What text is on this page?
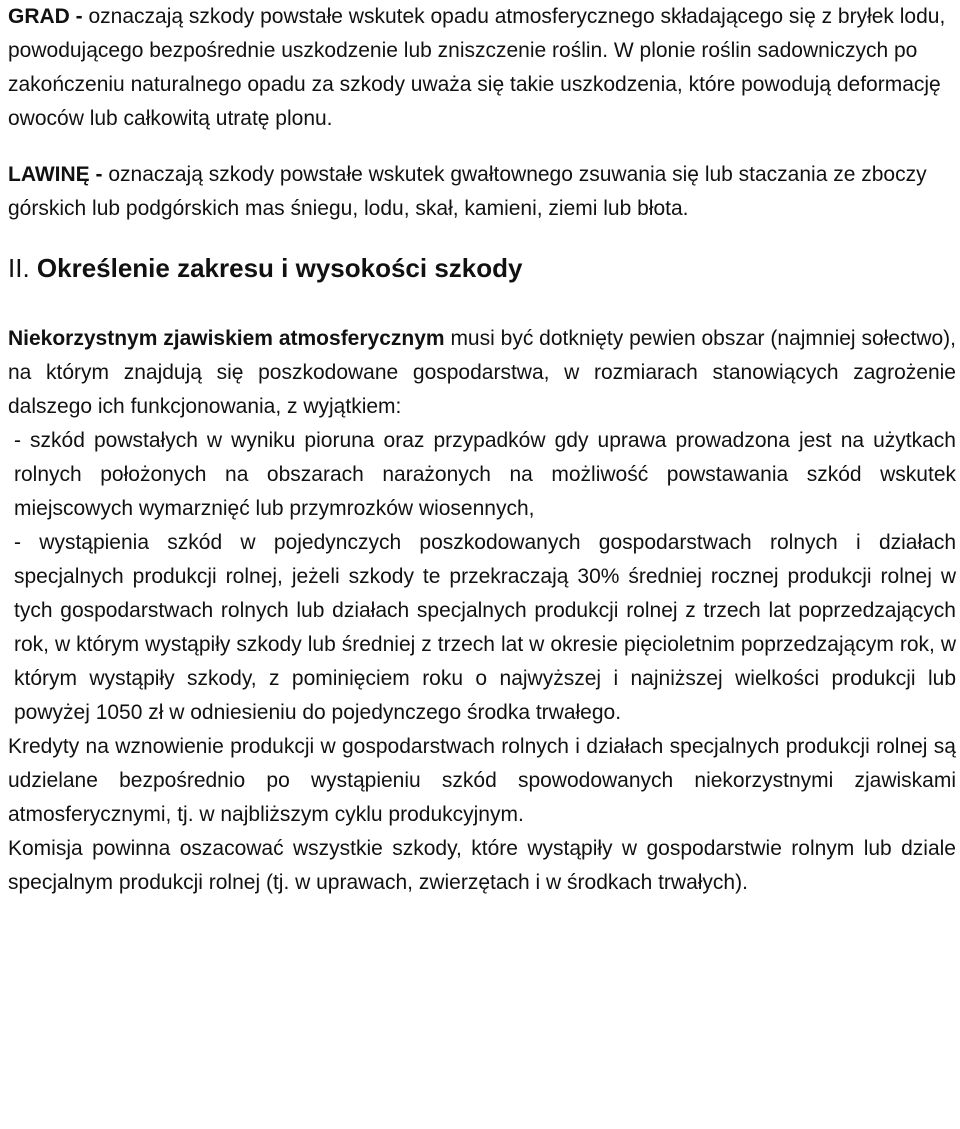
GRAD - oznaczają szkody powstałe wskutek opadu atmosferycznego składającego się z bryłek lodu, powodującego bezpośrednie uszkodzenie lub zniszczenie roślin. W plonie roślin sadowniczych po zakończeniu naturalnego opadu za szkody uważa się takie uszkodzenia, które powodują deformację owoców lub całkowitą utratę plonu.

LAWINĘ - oznaczają szkody powstałe wskutek gwałtownego zsuwania się lub staczania ze zboczy górskich lub podgórskich mas śniegu, lodu, skał, kamieni, ziemi lub błota.

II. Określenie zakresu i wysokości szkody

Niekorzystnym zjawiskiem atmosferycznym musi być dotknięty pewien obszar (najmniej sołectwo), na którym znajdują się poszkodowane gospodarstwa, w rozmiarach stanowiących zagrożenie dalszego ich funkcjonowania, z wyjątkiem:

- szkód powstałych w wyniku pioruna oraz przypadków gdy uprawa prowadzona jest na użytkach rolnych położonych na obszarach narażonych na możliwość powstawania szkód wskutek miejscowych wymarznięć lub przymrozków wiosennych,

- wystąpienia szkód w pojedynczych poszkodowanych gospodarstwach rolnych i działach specjalnych produkcji rolnej, jeżeli szkody te przekraczają 30% średniej rocznej produkcji rolnej w tych gospodarstwach rolnych lub działach specjalnych produkcji rolnej z trzech lat poprzedzających rok, w którym wystąpiły szkody lub średniej z trzech lat w okresie pięcioletnim poprzedzającym rok, w którym wystąpiły szkody, z pominięciem roku o najwyższej i najniższej wielkości produkcji lub powyżej 1050 zł w odniesieniu do pojedynczego środka trwałego.

Kredyty na wznowienie produkcji w gospodarstwach rolnych i działach specjalnych produkcji rolnej są udzielane bezpośrednio po wystąpieniu szkód spowodowanych niekorzystnymi zjawiskami atmosferycznymi, tj. w najbliższym cyklu produkcyjnym.

Komisja powinna oszacować wszystkie szkody, które wystąpiły w gospodarstwie rolnym lub dziale specjalnym produkcji rolnej (tj. w uprawach, zwierzętach i w środkach trwałych).
